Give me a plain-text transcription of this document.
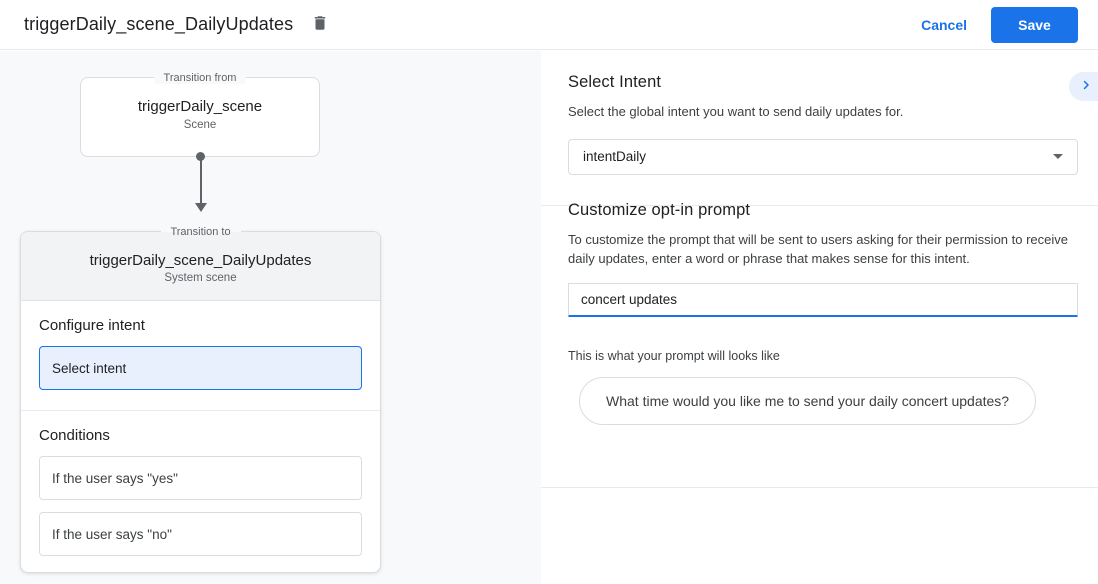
triggerDaily_scene_DailyUpdates	Cancel	Save
Transition from
triggerDaily_scene
Scene
Transition to
triggerDaily_scene_DailyUpdates
System scene
Configure intent
Select intent
Conditions
If the user says "yes"
If the user says "no"
Select Intent
Select the global intent you want to send daily updates for.
intentDaily
Customize opt-in prompt
To customize the prompt that will be sent to users asking for their permission to receive daily updates, enter a word or phrase that makes sense for this intent.
concert updates
This is what your prompt will looks like
What time would you like me to send your daily concert updates?
